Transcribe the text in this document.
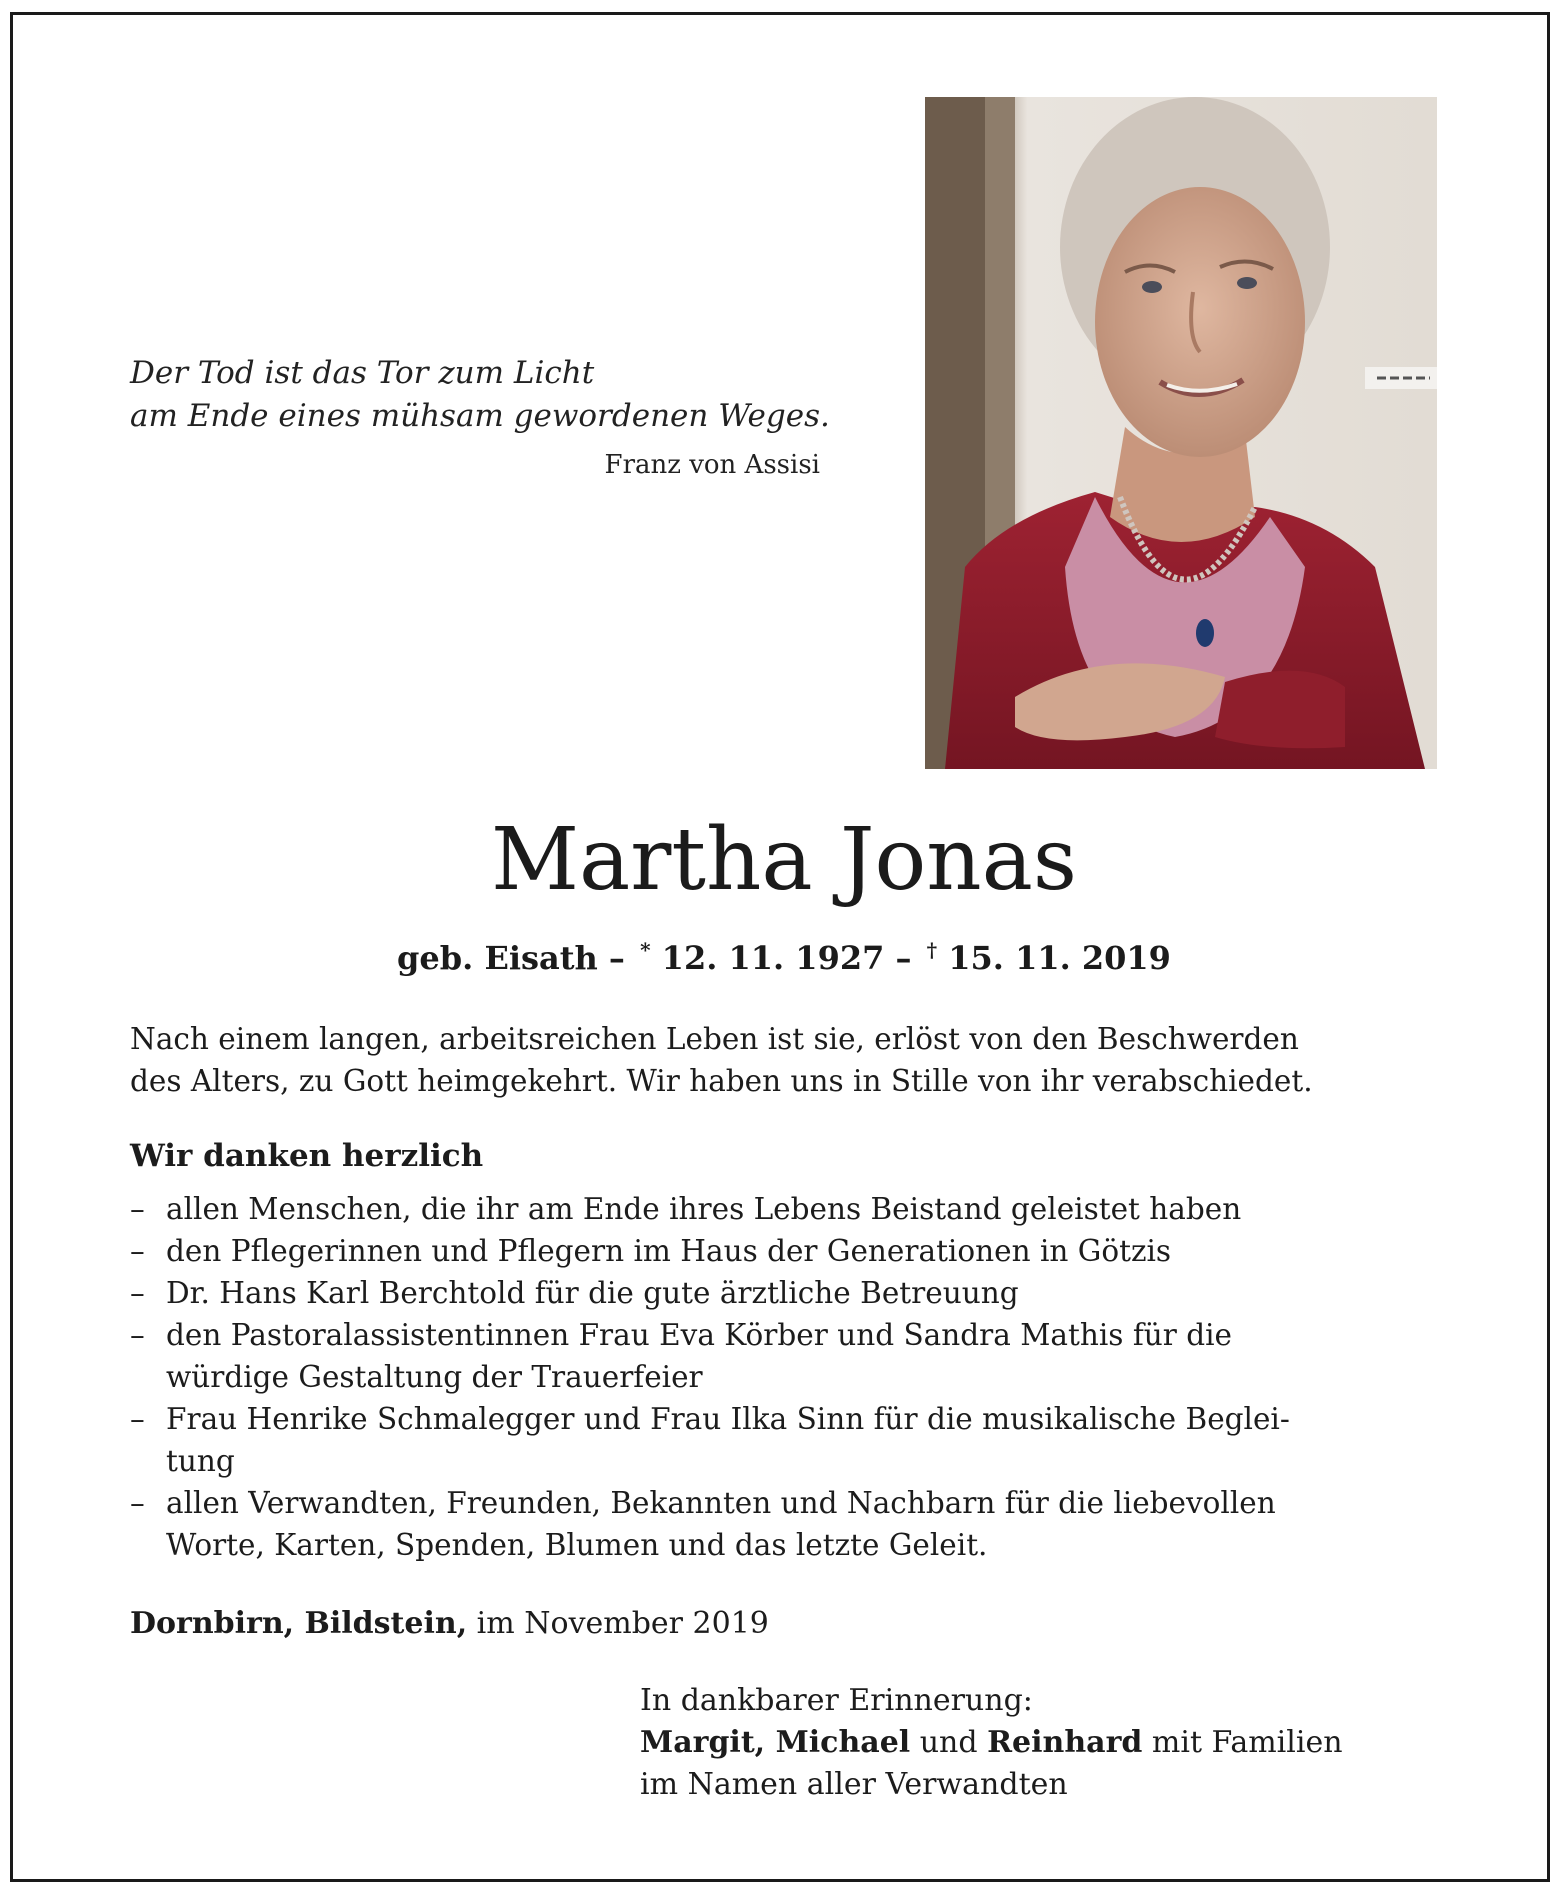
Der Tod ist das Tor zum Licht
am Ende eines mühsam gewordenen Weges.
Franz von Assisi
Martha Jonas
geb. Eisath – * 12. 11. 1927 – † 15. 11. 2019
Nach einem langen, arbeitsreichen Leben ist sie, erlöst von den Beschwerden
des Alters, zu Gott heimgekehrt. Wir haben uns in Stille von ihr verabschiedet.
Wir danken herzlich
– allen Menschen, die ihr am Ende ihres Lebens Beistand geleistet haben
– den Pflegerinnen und Pflegern im Haus der Generationen in Götzis
– Dr. Hans Karl Berchtold für die gute ärztliche Betreuung
– den Pastoralassistentinnen Frau Eva Körber und Sandra Mathis für die
würdige Gestaltung der Trauerfeier
– Frau Henrike Schmalegger und Frau Ilka Sinn für die musikalische Beglei-
tung
– allen Verwandten, Freunden, Bekannten und Nachbarn für die liebevollen
Worte, Karten, Spenden, Blumen und das letzte Geleit.
Dornbirn, Bildstein, im November 2019
In dankbarer Erinnerung:
Margit, Michael und Reinhard mit Familien
im Namen aller Verwandten
